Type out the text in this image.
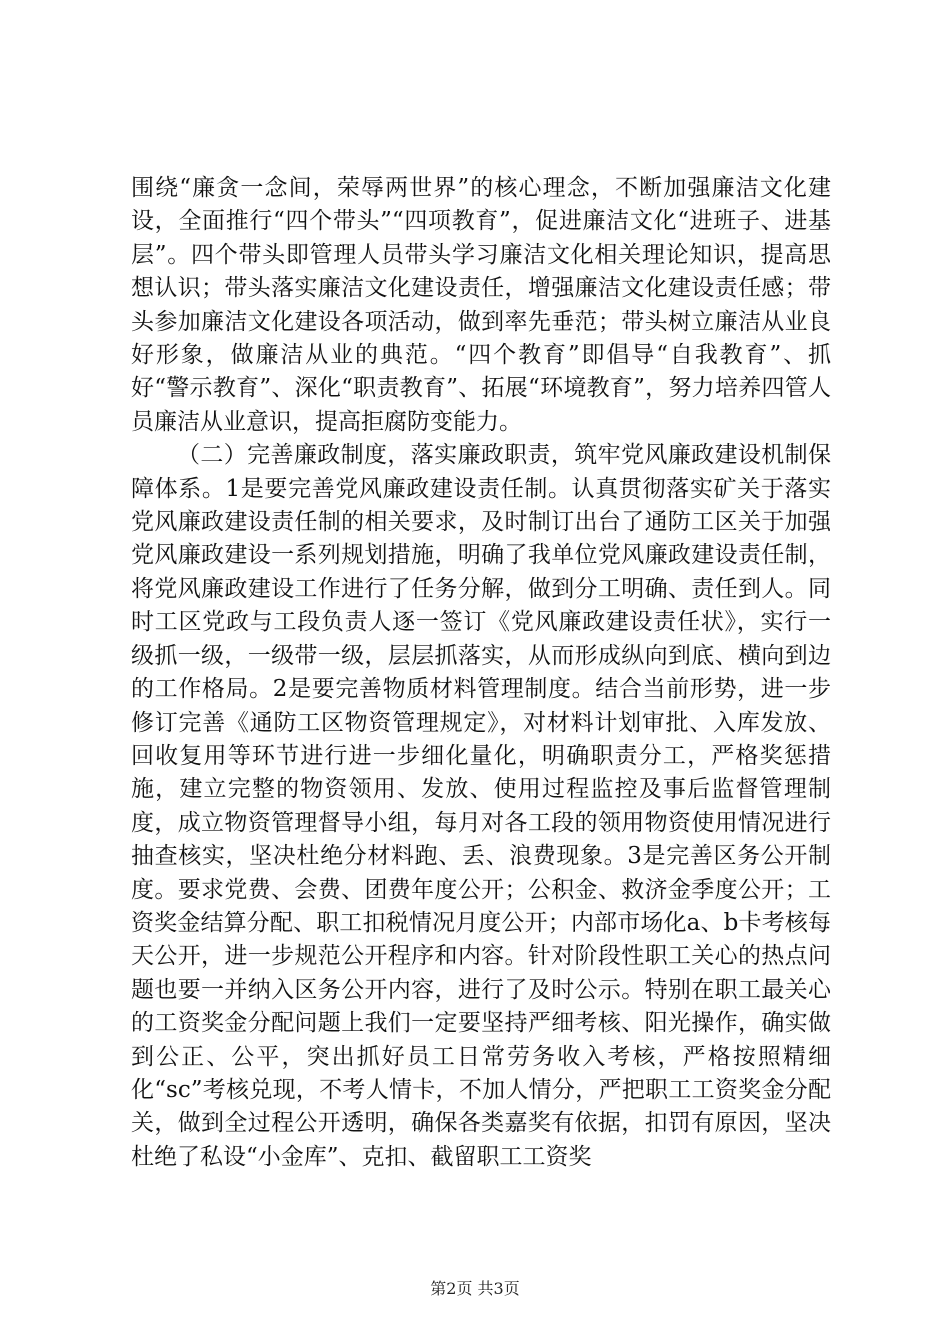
围绕“廉贪一念间，荣辱两世界”的核心理念，不断加强廉洁文化建设，全面推行“四个带头”“四项教育”，促进廉洁文化“进班子、进基层”。四个带头即管理人员带头学习廉洁文化相关理论知识，提高思想认识；带头落实廉洁文化建设责任，增强廉洁文化建设责任感；带头参加廉洁文化建设各项活动，做到率先垂范；带头树立廉洁从业良好形象，做廉洁从业的典范。“四个教育”即倡导“自我教育”、抓好“警示教育”、深化“职责教育”、拓展“环境教育”，努力培养四管人员廉洁从业意识，提高拒腐防变能力。

（二）完善廉政制度，落实廉政职责，筑牢党风廉政建设机制保障体系。1是要完善党风廉政建设责任制。认真贯彻落实矿关于落实党风廉政建设责任制的相关要求，及时制订出台了通防工区关于加强党风廉政建设一系列规划措施，明确了我单位党风廉政建设责任制，将党风廉政建设工作进行了任务分解，做到分工明确、责任到人。同时工区党政与工段负责人逐一签订《党风廉政建设责任状》，实行一级抓一级，一级带一级，层层抓落实，从而形成纵向到底、横向到边的工作格局。2是要完善物质材料管理制度。结合当前形势，进一步修订完善《通防工区物资管理规定》，对材料计划审批、入库发放、回收复用等环节进行进一步细化量化，明确职责分工，严格奖惩措施，建立完整的物资领用、发放、使用过程监控及事后监督管理制度，成立物资管理督导小组，每月对各工段的领用物资使用情况进行抽查核实，坚决杜绝分材料跑、丢、浪费现象。3是完善区务公开制度。要求党费、会费、团费年度公开；公积金、救济金季度公开；工资奖金结算分配、职工扣税情况月度公开；内部市场化a、b卡考核每天公开，进一步规范公开程序和内容。针对阶段性职工关心的热点问题也要一并纳入区务公开内容，进行了及时公示。特别在职工最关心的工资奖金分配问题上我们一定要坚持严细考核、阳光操作，确实做到公正、公平，突出抓好员工日常劳务收入考核，严格按照精细化“sc”考核兑现，不考人情卡，不加人情分，严把职工工资奖金分配关，做到全过程公开透明，确保各类嘉奖有依据，扣罚有原因，坚决杜绝了私设“小金库”、克扣、截留职工工资奖

第2页 共3页
